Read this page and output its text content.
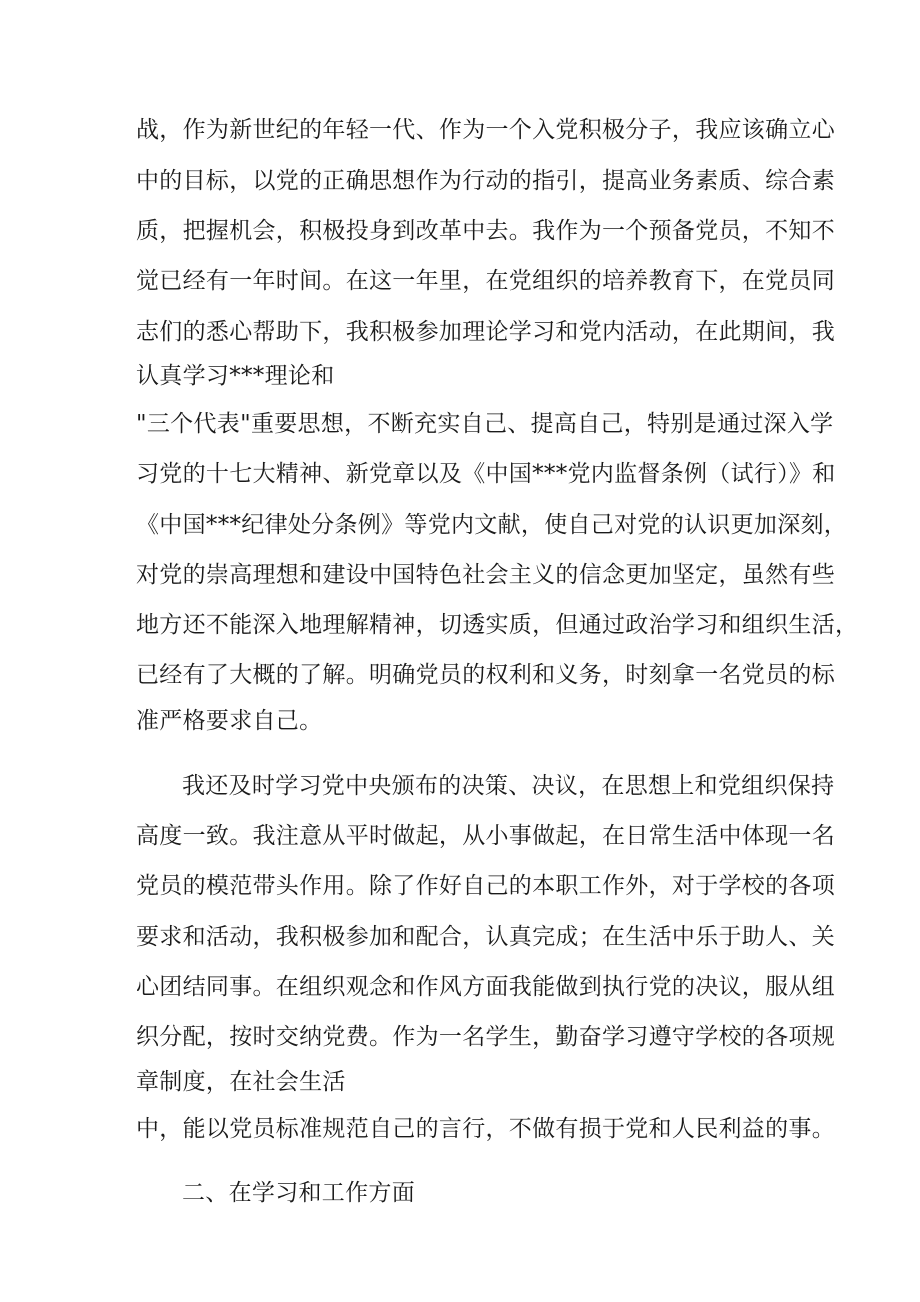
战，作为新世纪的年轻一代、作为一个入党积极分子，我应该确立心
中的目标，以党的正确思想作为行动的指引，提高业务素质、综合素
质，把握机会，积极投身到改革中去。我作为一个预备党员，不知不
觉已经有一年时间。在这一年里，在党组织的培养教育下，在党员同
志们的悉心帮助下，我积极参加理论学习和党内活动，在此期间，我
认真学习***理论和
"三个代表"重要思想，不断充实自己、提高自己，特别是通过深入学
习党的十七大精神、新党章以及《中国***党内监督条例（试行）》和
《中国***纪律处分条例》等党内文献，使自己对党的认识更加深刻，
对党的崇高理想和建设中国特色社会主义的信念更加坚定，虽然有些
地方还不能深入地理解精神，切透实质，但通过政治学习和组织生活，
已经有了大概的了解。明确党员的权利和义务，时刻拿一名党员的标
准严格要求自己。
我还及时学习党中央颁布的决策、决议，在思想上和党组织保持
高度一致。我注意从平时做起，从小事做起，在日常生活中体现一名
党员的模范带头作用。除了作好自己的本职工作外，对于学校的各项
要求和活动，我积极参加和配合，认真完成；在生活中乐于助人、关
心团结同事。在组织观念和作风方面我能做到执行党的决议，服从组
织分配，按时交纳党费。作为一名学生，勤奋学习遵守学校的各项规
章制度，在社会生活
中，能以党员标准规范自己的言行，不做有损于党和人民利益的事。
二、在学习和工作方面
